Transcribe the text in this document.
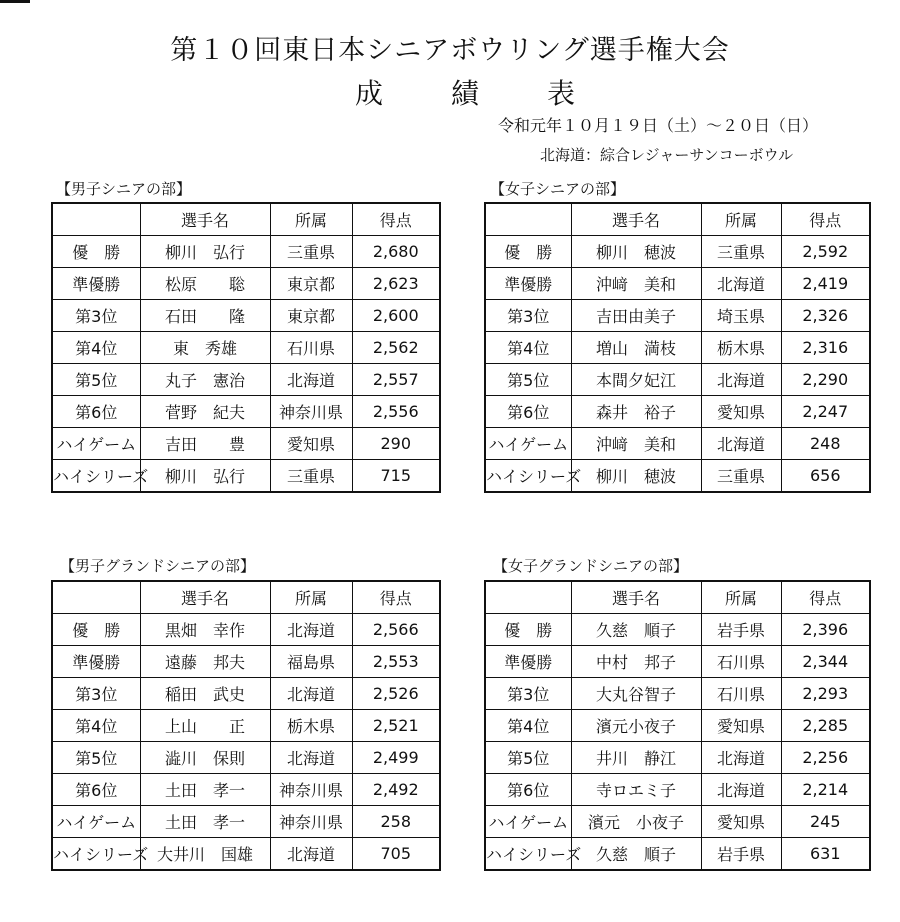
第１０回東日本シニアボウリング選手権大会
成 績 表
令和元年１０月１９日（土）～２０日（日）
北海道：綜合レジャーサンコーボウル
【男子シニアの部】
	選手名	所属	得点
優　勝	柳川　弘行	三重県	2,680
準優勝	松原　　聡	東京都	2,623
第3位	石田　　隆	東京都	2,600
第4位	東　秀雄	石川県	2,562
第5位	丸子　憲治	北海道	2,557
第6位	菅野　紀夫	神奈川県	2,556
ハイゲーム	吉田　　豊	愛知県	290
ハイシリーズ	柳川　弘行	三重県	715
【女子シニアの部】
	選手名	所属	得点
優　勝	柳川　穂波	三重県	2,592
準優勝	沖﨑　美和	北海道	2,419
第3位	吉田由美子	埼玉県	2,326
第4位	増山　満枝	栃木県	2,316
第5位	本間夕妃江	北海道	2,290
第6位	森井　裕子	愛知県	2,247
ハイゲーム	沖﨑　美和	北海道	248
ハイシリーズ	柳川　穂波	三重県	656
【男子グランドシニアの部】
	選手名	所属	得点
優　勝	黒畑　幸作	北海道	2,566
準優勝	遠藤　邦夫	福島県	2,553
第3位	稲田　武史	北海道	2,526
第4位	上山　　正	栃木県	2,521
第5位	澁川　保則	北海道	2,499
第6位	土田　孝一	神奈川県	2,492
ハイゲーム	土田　孝一	神奈川県	258
ハイシリーズ	大井川　国雄	北海道	705
【女子グランドシニアの部】
	選手名	所属	得点
優　勝	久慈　順子	岩手県	2,396
準優勝	中村　邦子	石川県	2,344
第3位	大丸谷智子	石川県	2,293
第4位	濱元小夜子	愛知県	2,285
第5位	井川　静江	北海道	2,256
第6位	寺ロエミ子	北海道	2,214
ハイゲーム	濱元　小夜子	愛知県	245
ハイシリーズ	久慈　順子	岩手県	631
